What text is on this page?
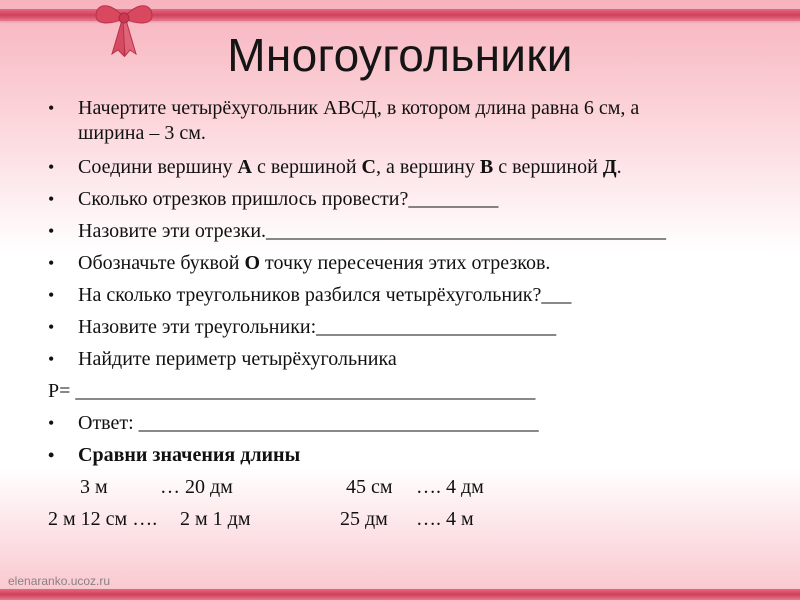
Многоугольники
•	Начертите четырёхугольник АВСД, в котором длина равна 6 см, а
ширина – 3 см.
•	Соедини вершину А с вершиной С, а вершину В с вершиной Д.
•	Сколько отрезков пришлось провести?_________
•	Назовите эти отрезки.________________________________________
•	Обозначьте буквой О точку пересечения этих отрезков.
•	На сколько треугольников разбился четырёхугольник?___
•	Назовите эти треугольники:________________________
•	Найдите периметр четырёхугольника
Р= ______________________________________________
•	Ответ: ________________________________________
•	Сравни значения длины
3 м	… 20 дм	45 см …. 4 дм
2 м 12 см …. 2 м 1 дм	25 дм …. 4 м
elenaranko.ucoz.ru
